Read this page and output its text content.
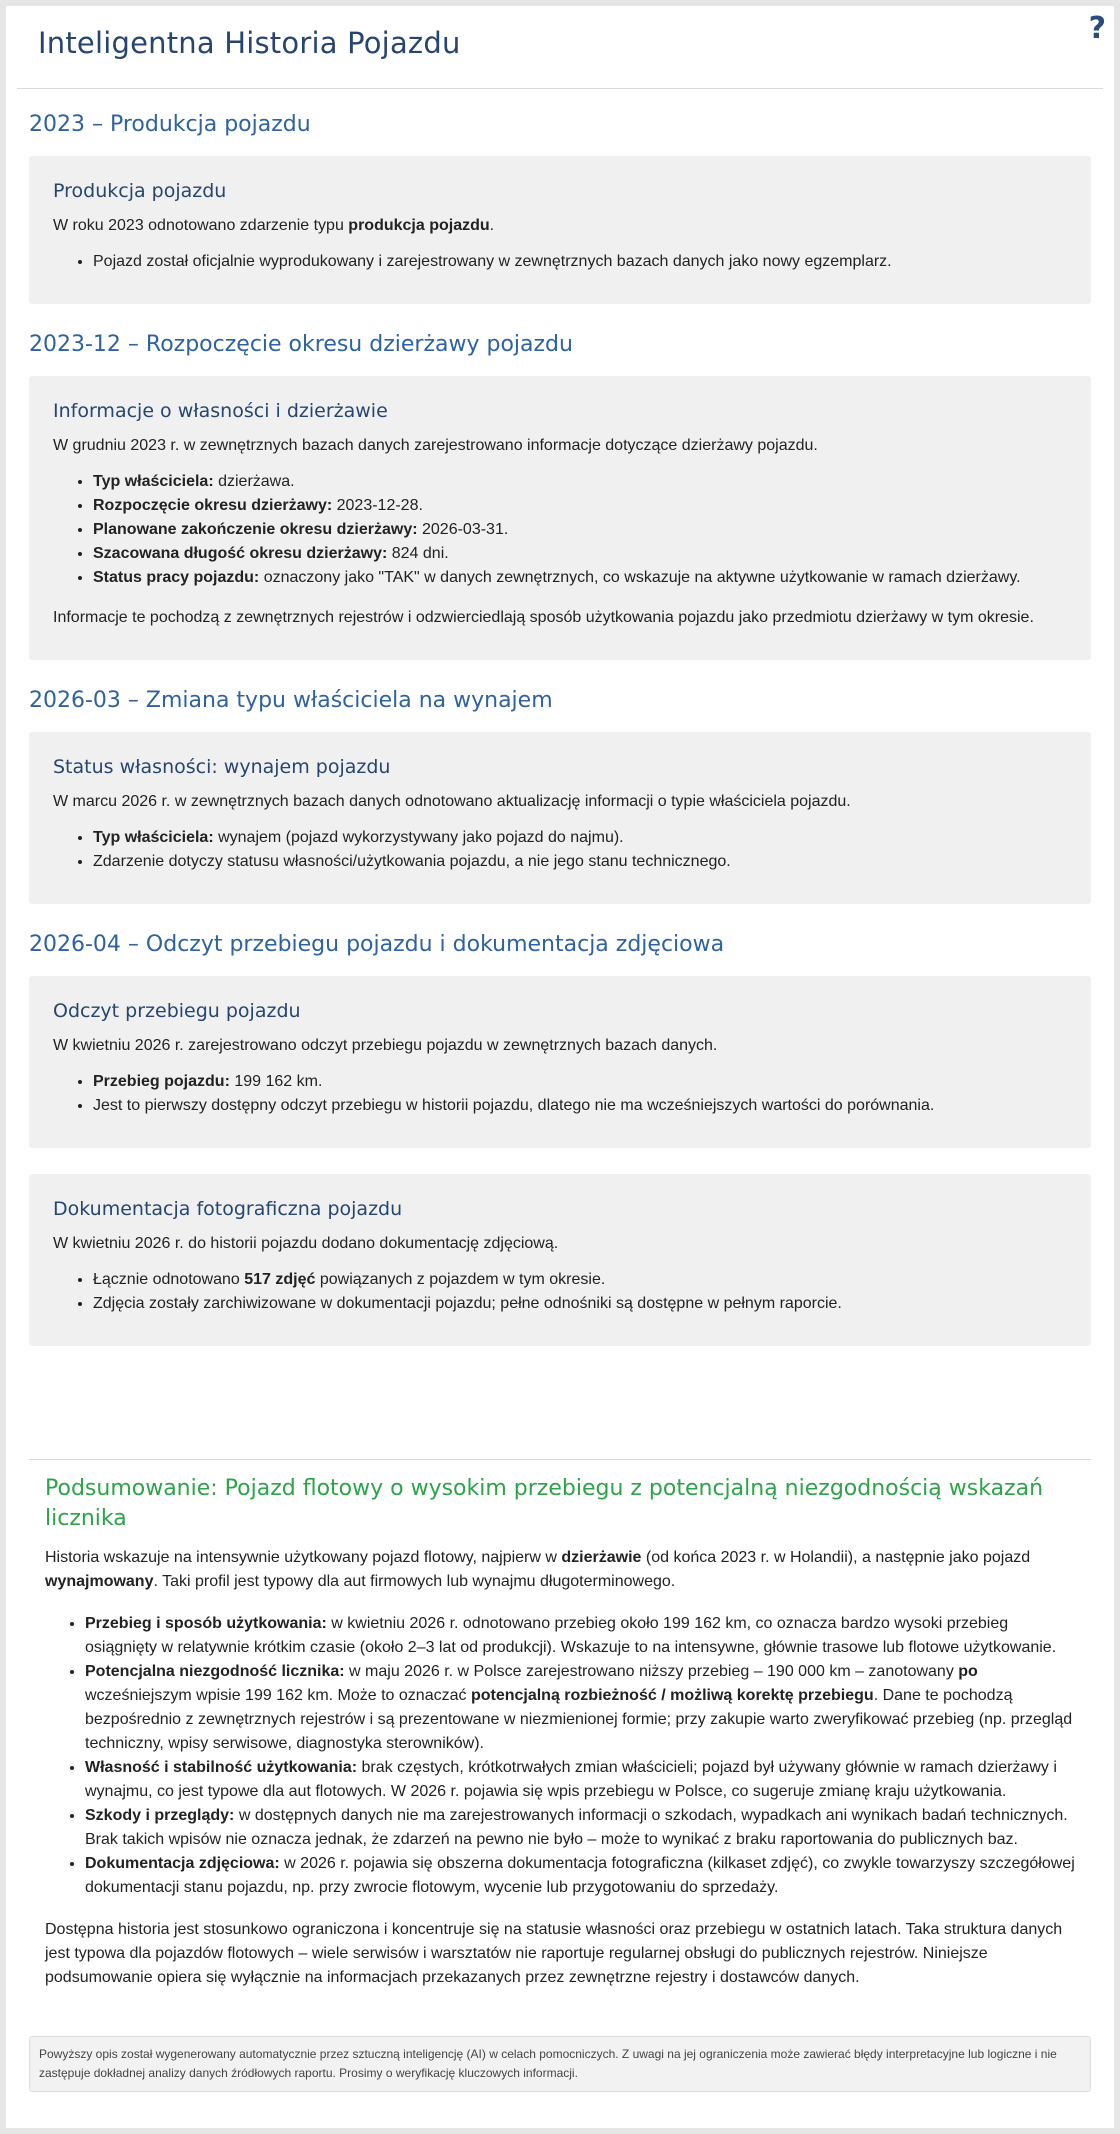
Inteligentna Historia Pojazdu	?
2023 – Produkcja pojazdu
Produkcja pojazdu

W roku 2023 odnotowano zdarzenie typu produkcja pojazdu.

• Pojazd został oficjalnie wyprodukowany i zarejestrowany w zewnętrznych bazach danych jako nowy egzemplarz.
2023-12 – Rozpoczęcie okresu dzierżawy pojazdu
Informacje o własności i dzierżawie

W grudniu 2023 r. w zewnętrznych bazach danych zarejestrowano informacje dotyczące dzierżawy pojazdu.

• Typ właściciela: dzierżawa.
• Rozpoczęcie okresu dzierżawy: 2023-12-28.
• Planowane zakończenie okresu dzierżawy: 2026-03-31.
• Szacowana długość okresu dzierżawy: 824 dni.
• Status pracy pojazdu: oznaczony jako "TAK" w danych zewnętrznych, co wskazuje na aktywne użytkowanie w ramach dzierżawy.

Informacje te pochodzą z zewnętrznych rejestrów i odzwierciedlają sposób użytkowania pojazdu jako przedmiotu dzierżawy w tym okresie.

2026-03 – Zmiana typu właściciela na wynajem
Status własności: wynajem pojazdu

W marcu 2026 r. w zewnętrznych bazach danych odnotowano aktualizację informacji o typie właściciela pojazdu.

• Typ właściciela: wynajem (pojazd wykorzystywany jako pojazd do najmu).
• Zdarzenie dotyczy statusu własności/użytkowania pojazdu, a nie jego stanu technicznego.
2026-04 – Odczyt przebiegu pojazdu i dokumentacja zdjęciowa
Odczyt przebiegu pojazdu

W kwietniu 2026 r. zarejestrowano odczyt przebiegu pojazdu w zewnętrznych bazach danych.

• Przebieg pojazdu: 199 162 km.
• Jest to pierwszy dostępny odczyt przebiegu w historii pojazdu, dlatego nie ma wcześniejszych wartości do porównania.
Dokumentacja fotograficzna pojazdu

W kwietniu 2026 r. do historii pojazdu dodano dokumentację zdjęciową.

• Łącznie odnotowano 517 zdjęć powiązanych z pojazdem w tym okresie.
• Zdjęcia zostały zarchiwizowane w dokumentacji pojazdu; pełne odnośniki są dostępne w pełnym raporcie.
Podsumowanie: Pojazd flotowy o wysokim przebiegu z potencjalną niezgodnością wskazań licznika

Historia wskazuje na intensywnie użytkowany pojazd flotowy, najpierw w dzierżawie (od końca 2023 r. w Holandii), a następnie jako pojazd wynajmowany. Taki profil jest typowy dla aut firmowych lub wynajmu długoterminowego.

• Przebieg i sposób użytkowania: w kwietniu 2026 r. odnotowano przebieg około 199 162 km, co oznacza bardzo wysoki przebieg osiągnięty w relatywnie krótkim czasie (około 2–3 lat od produkcji). Wskazuje to na intensywne, głównie trasowe lub flotowe użytkowanie.
• Potencjalna niezgodność licznika: w maju 2026 r. w Polsce zarejestrowano niższy przebieg – 190 000 km – zanotowany po wcześniejszym wpisie 199 162 km. Może to oznaczać potencjalną rozbieżność / możliwą korektę przebiegu. Dane te pochodzą bezpośrednio z zewnętrznych rejestrów i są prezentowane w niezmienionej formie; przy zakupie warto zweryfikować przebieg (np. przegląd techniczny, wpisy serwisowe, diagnostyka sterowników).
• Własność i stabilność użytkowania: brak częstych, krótkotrwałych zmian właścicieli; pojazd był używany głównie w ramach dzierżawy i wynajmu, co jest typowe dla aut flotowych. W 2026 r. pojawia się wpis przebiegu w Polsce, co sugeruje zmianę kraju użytkowania.
• Szkody i przeglądy: w dostępnych danych nie ma zarejestrowanych informacji o szkodach, wypadkach ani wynikach badań technicznych. Brak takich wpisów nie oznacza jednak, że zdarzeń na pewno nie było – może to wynikać z braku raportowania do publicznych baz.
• Dokumentacja zdjęciowa: w 2026 r. pojawia się obszerna dokumentacja fotograficzna (kilkaset zdjęć), co zwykle towarzyszy szczegółowej dokumentacji stanu pojazdu, np. przy zwrocie flotowym, wycenie lub przygotowaniu do sprzedaży.

Dostępna historia jest stosunkowo ograniczona i koncentruje się na statusie własności oraz przebiegu w ostatnich latach. Taka struktura danych jest typowa dla pojazdów flotowych – wiele serwisów i warsztatów nie raportuje regularnej obsługi do publicznych rejestrów. Niniejsze podsumowanie opiera się wyłącznie na informacjach przekazanych przez zewnętrzne rejestry i dostawców danych.

Powyższy opis został wygenerowany automatycznie przez sztuczną inteligencję (AI) w celach pomocniczych. Z uwagi na jej ograniczenia może zawierać błędy interpretacyjne lub logiczne i nie zastępuje dokładnej analizy danych źródłowych raportu. Prosimy o weryfikację kluczowych informacji.
